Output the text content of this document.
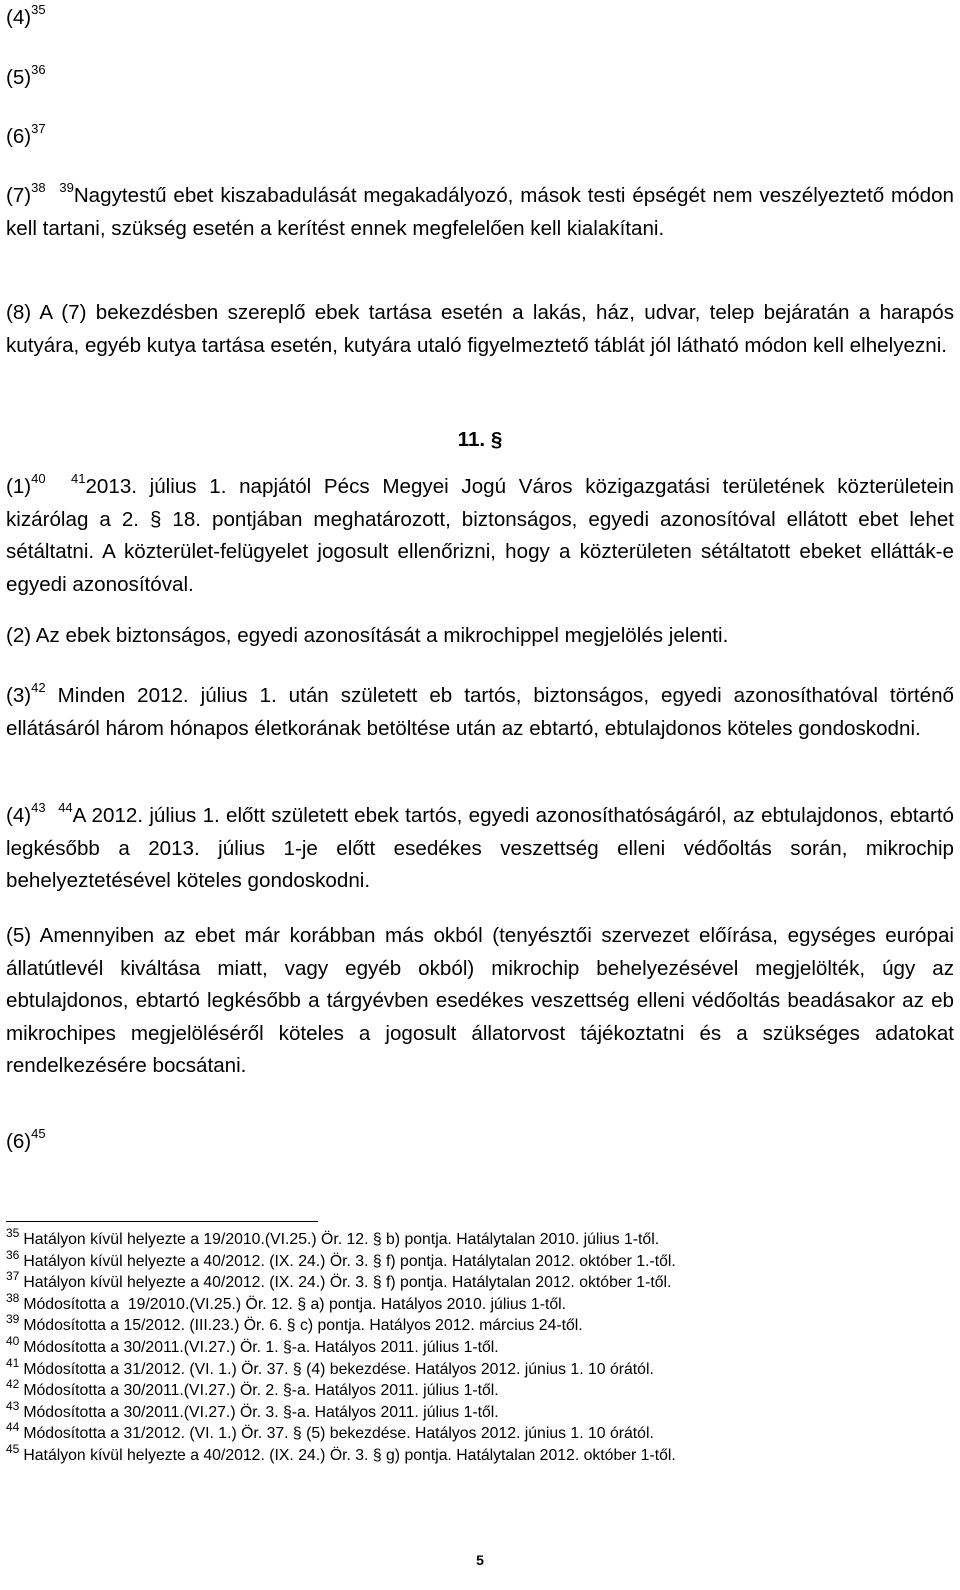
$(4)^{35}$

$(5)^{36}$

$(6)^{37}$

$(7)^{38}$ $^{39}$Nagytestű ebet kiszabadulását megakadályozó, mások testi épségét nem veszélyeztető módon kell tartani, szükség esetén a kerítést ennek megfelelően kell kialakítani.

(8) A (7) bekezdésben szereplő ebek tartása esetén a lakás, ház, udvar, telep bejáratán a harapós kutyára, egyéb kutya tartása esetén, kutyára utaló figyelmeztető táblát jól látható módon kell elhelyezni.

11. §

$(1)^{40}$ $^{41}$2013. július 1. napjától Pécs Megyei Jogú Város közigazgatási területének közterületein kizárólag a 2. § 18. pontjában meghatározott, biztonságos, egyedi azonosítóval ellátott ebet lehet sétáltatni. A közterület-felügyelet jogosult ellenőrizni, hogy a közterületen sétáltatott ebeket ellátták-e egyedi azonosítóval.

(2) Az ebek biztonságos, egyedi azonosítását a mikrochippel megjelölés jelenti.

$(3)^{42}$ Minden 2012. július 1. után született eb tartós, biztonságos, egyedi azonosíthatóval történő ellátásáról három hónapos életkorának betöltése után az ebtartó, ebtulajdonos köteles gondoskodni.

$(4)^{43}$ $^{44}$A 2012. július 1. előtt született ebek tartós, egyedi azonosíthatóságáról, az ebtulajdonos, ebtartó legkésőbb a 2013. július 1-je előtt esedékes veszettség elleni védőoltás során, mikrochip behelyeztetésével köteles gondoskodni.

(5) Amennyiben az ebet már korábban más okból (tenyésztői szervezet előírása, egységes európai állatútlevél kiváltása miatt, vagy egyéb okból) mikrochip behelyezésével megjelölték, úgy az ebtulajdonos, ebtartó legkésőbb a tárgyévben esedékes veszettség elleni védőoltás beadásakor az eb mikrochipes megjelöléséről köteles a jogosult állatorvost tájékoztatni és a szükséges adatokat rendelkezésére bocsátani.

$(6)^{45}$

$^{35}$ Hatályon kívül helyezte a 19/2010.(VI.25.) Ör. 12. § b) pontja. Hatálytalan 2010. július 1-től.
$^{36}$ Hatályon kívül helyezte a 40/2012. (IX. 24.) Ör. 3. § f) pontja. Hatálytalan 2012. október 1.-től.
$^{37}$ Hatályon kívül helyezte a 40/2012. (IX. 24.) Ör. 3. § f) pontja. Hatálytalan 2012. október 1-től.
$^{38}$ Módosította a  19/2010.(VI.25.) Ör. 12. § a) pontja. Hatályos 2010. július 1-től.
$^{39}$ Módosította a 15/2012. (III.23.) Ör. 6. § c) pontja. Hatályos 2012. március 24-től.
$^{40}$ Módosította a 30/2011.(VI.27.) Ör. 1. §-a. Hatályos 2011. július 1-től.
$^{41}$ Módosította a 31/2012. (VI. 1.) Ör. 37. § (4) bekezdése. Hatályos 2012. június 1. 10 órától.
$^{42}$ Módosította a 30/2011.(VI.27.) Ör. 2. §-a. Hatályos 2011. július 1-től.
$^{43}$ Módosította a 30/2011.(VI.27.) Ör. 3. §-a. Hatályos 2011. július 1-től.
$^{44}$ Módosította a 31/2012. (VI. 1.) Ör. 37. § (5) bekezdése. Hatályos 2012. június 1. 10 órától.
$^{45}$ Hatályon kívül helyezte a 40/2012. (IX. 24.) Ör. 3. § g) pontja. Hatálytalan 2012. október 1-től.
5
